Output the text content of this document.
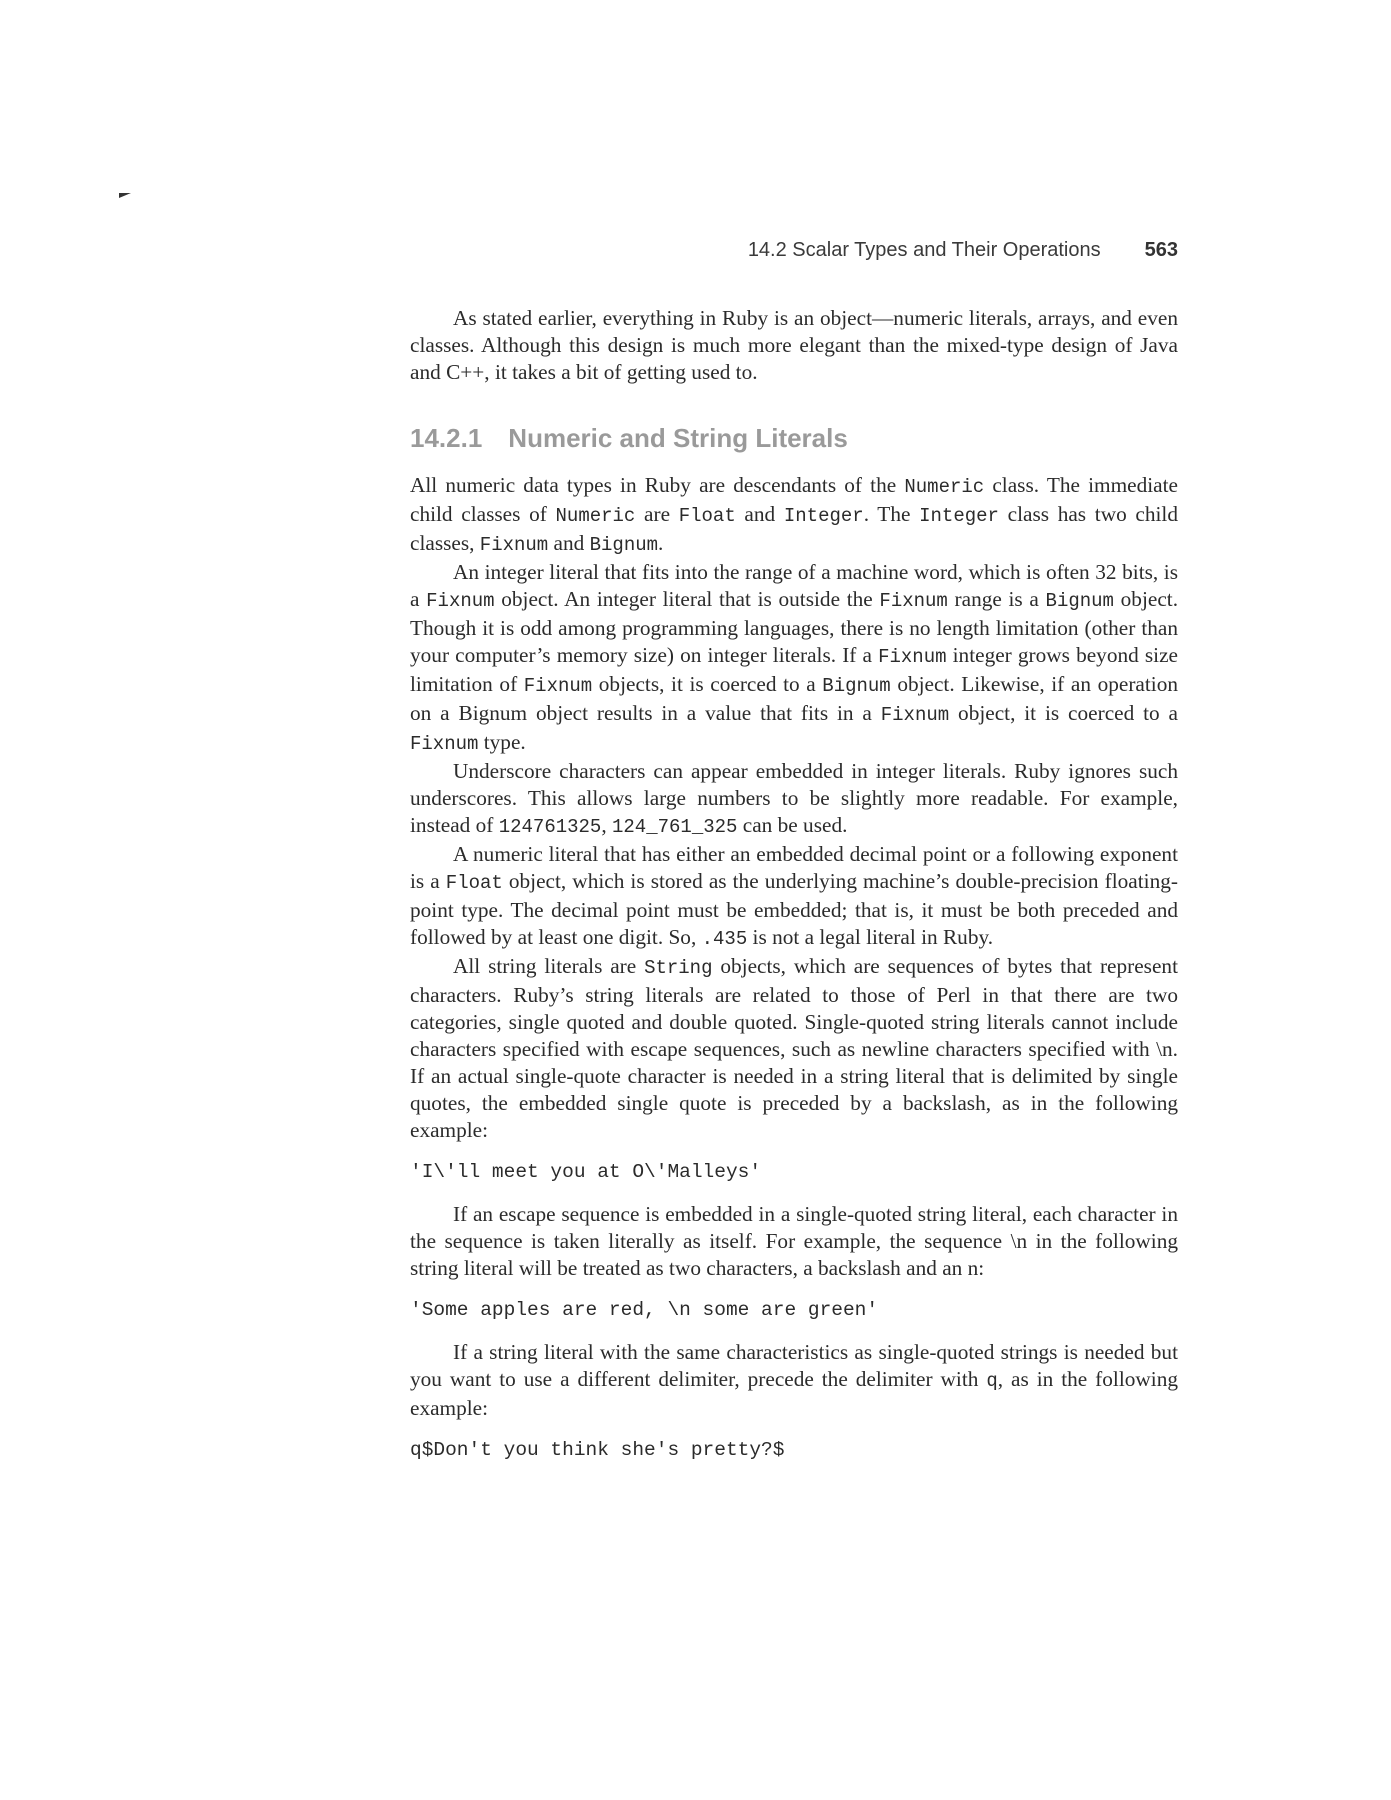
14.2 Scalar Types and Their Operations 563

As stated earlier, everything in Ruby is an object—numeric literals, arrays, and even classes. Although this design is much more elegant than the mixed-type design of Java and C++, it takes a bit of getting used to.

14.2.1 Numeric and String Literals

All numeric data types in Ruby are descendants of the Numeric class. The immediate child classes of Numeric are Float and Integer. The Integer class has two child classes, Fixnum and Bignum.

An integer literal that fits into the range of a machine word, which is often 32 bits, is a Fixnum object. An integer literal that is outside the Fixnum range is a Bignum object. Though it is odd among programming languages, there is no length limitation (other than your computer’s memory size) on integer literals. If a Fixnum integer grows beyond size limitation of Fixnum objects, it is coerced to a Bignum object. Likewise, if an operation on a Bignum object results in a value that fits in a Fixnum object, it is coerced to a Fixnum type.

Underscore characters can appear embedded in integer literals. Ruby ignores such underscores. This allows large numbers to be slightly more readable. For example, instead of 124761325, 124_761_325 can be used.

A numeric literal that has either an embedded decimal point or a following exponent is a Float object, which is stored as the underlying machine’s double-precision floating-point type. The decimal point must be embedded; that is, it must be both preceded and followed by at least one digit. So, .435 is not a legal literal in Ruby.

All string literals are String objects, which are sequences of bytes that represent characters. Ruby’s string literals are related to those of Perl in that there are two categories, single quoted and double quoted. Single-quoted string literals cannot include characters specified with escape sequences, such as newline characters specified with \n. If an actual single-quote character is needed in a string literal that is delimited by single quotes, the embedded single quote is preceded by a backslash, as in the following example:

'I\'ll meet you at O\'Malleys'

If an escape sequence is embedded in a single-quoted string literal, each character in the sequence is taken literally as itself. For example, the sequence \n in the following string literal will be treated as two characters, a backslash and an n:

'Some apples are red, \n some are green'

If a string literal with the same characteristics as single-quoted strings is needed but you want to use a different delimiter, precede the delimiter with q, as in the following example:

q$Don't you think she's pretty?$
